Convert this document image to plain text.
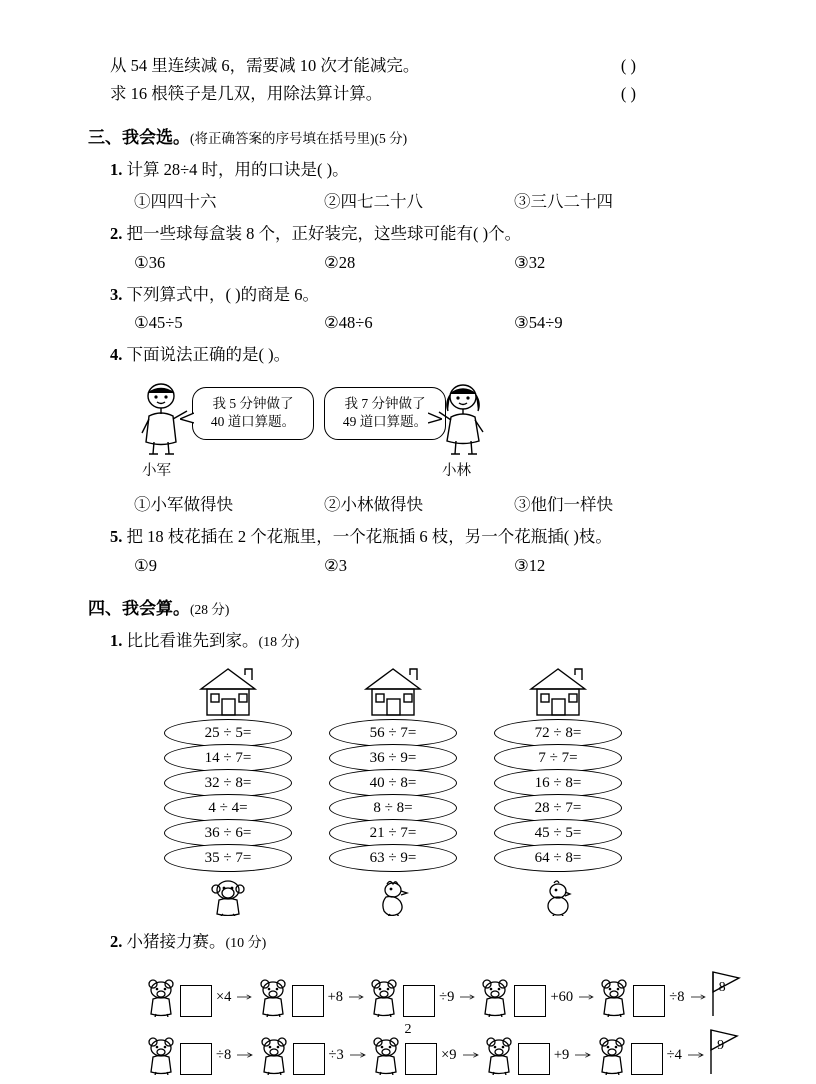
从 54 里连续减 6，需要减 10 次才能减完。	( )
求 16 根筷子是几双，用除法算计算。	( )
三、我会选。(将正确答案的序号填在括号里)(5 分)
1. 计算 28÷4 时，用的口诀是( )。
①四四十六	②四七二十八	③三八二十四
2. 把一些球每盒装 8 个，正好装完，这些球可能有( )个。
①36	②28	③32
3. 下列算式中，( )的商是 6。
①45÷5	②48÷6	③54÷9
4. 下面说法正确的是( )。
我 5 分钟做了
40 道口算题。
我 7 分钟做了
49 道口算题。
小军	小林
①小军做得快	②小林做得快	③他们一样快
5. 把 18 枝花插在 2 个花瓶里，一个花瓶插 6 枝，另一个花瓶插( )枝。
①9	②3	③12
四、我会算。(28 分)
1. 比比看谁先到家。(18 分)
25 ÷ 5=
14 ÷ 7=
32 ÷ 8=
4 ÷ 4=
36 ÷ 6=
35 ÷ 7=
56 ÷ 7=
36 ÷ 9=
40 ÷ 8=
8 ÷ 8=
21 ÷ 7=
63 ÷ 9=
72 ÷ 8=
7 ÷ 7=
16 ÷ 8=
28 ÷ 7=
45 ÷ 5=
64 ÷ 8=
2. 小猪接力赛。(10 分)
×4	+8	÷9	+60	÷8
8
÷8	÷3	×9	+9	÷4
9
2
